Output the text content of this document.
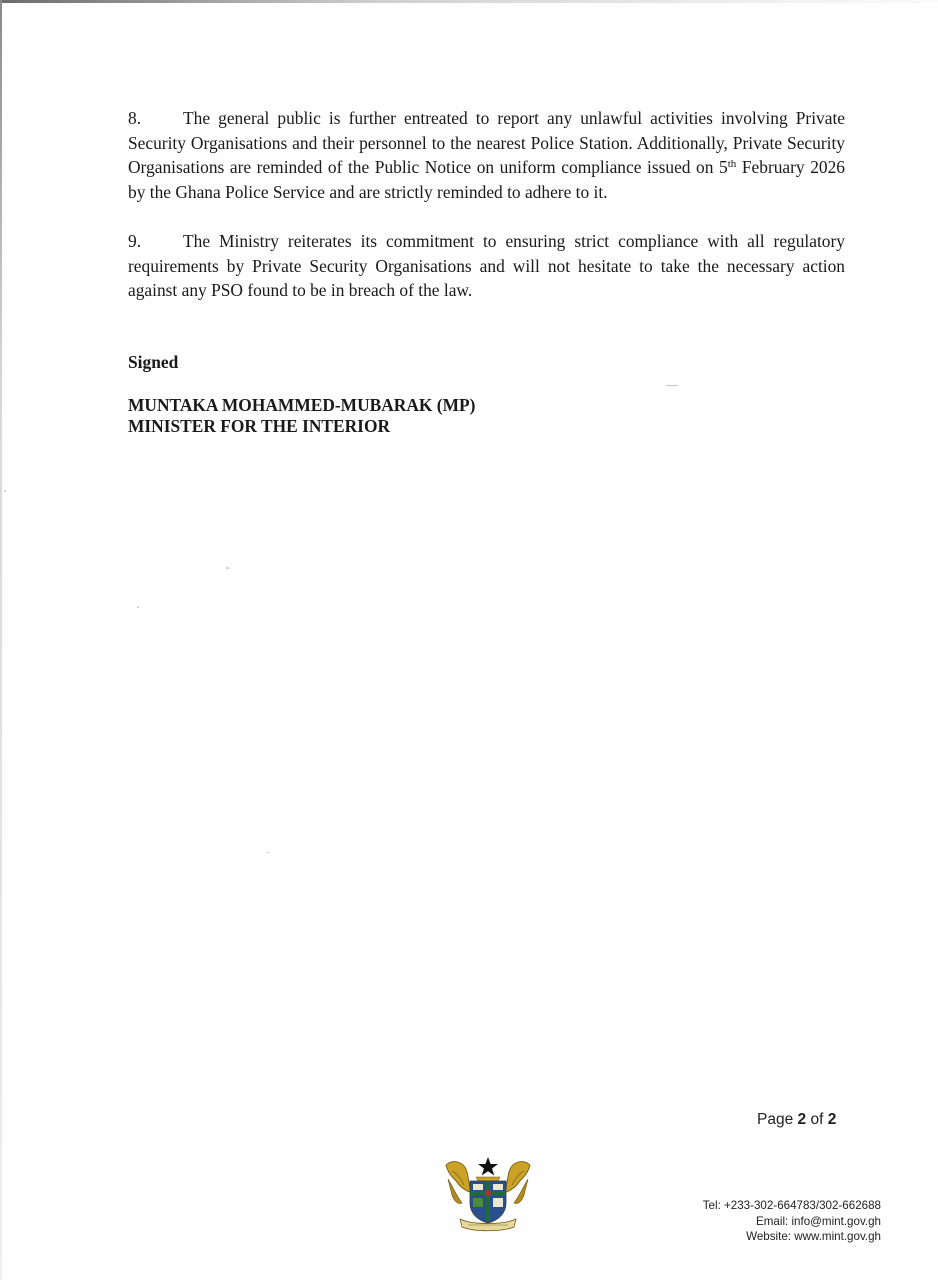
8. The general public is further entreated to report any unlawful activities involving Private Security Organisations and their personnel to the nearest Police Station. Additionally, Private Security Organisations are reminded of the Public Notice on uniform compliance issued on 5th February 2026 by the Ghana Police Service and are strictly reminded to adhere to it.

9. The Ministry reiterates its commitment to ensuring strict compliance with all regulatory requirements by Private Security Organisations and will not hesitate to take the necessary action against any PSO found to be in breach of the law.

Signed
MUNTAKA MOHAMMED-MUBARAK (MP)
MINISTER FOR THE INTERIOR
Page 2 of 2
Tel: +233-302-664783/302-662688
Email: info@mint.gov.gh
Website: www.mint.gov.gh
